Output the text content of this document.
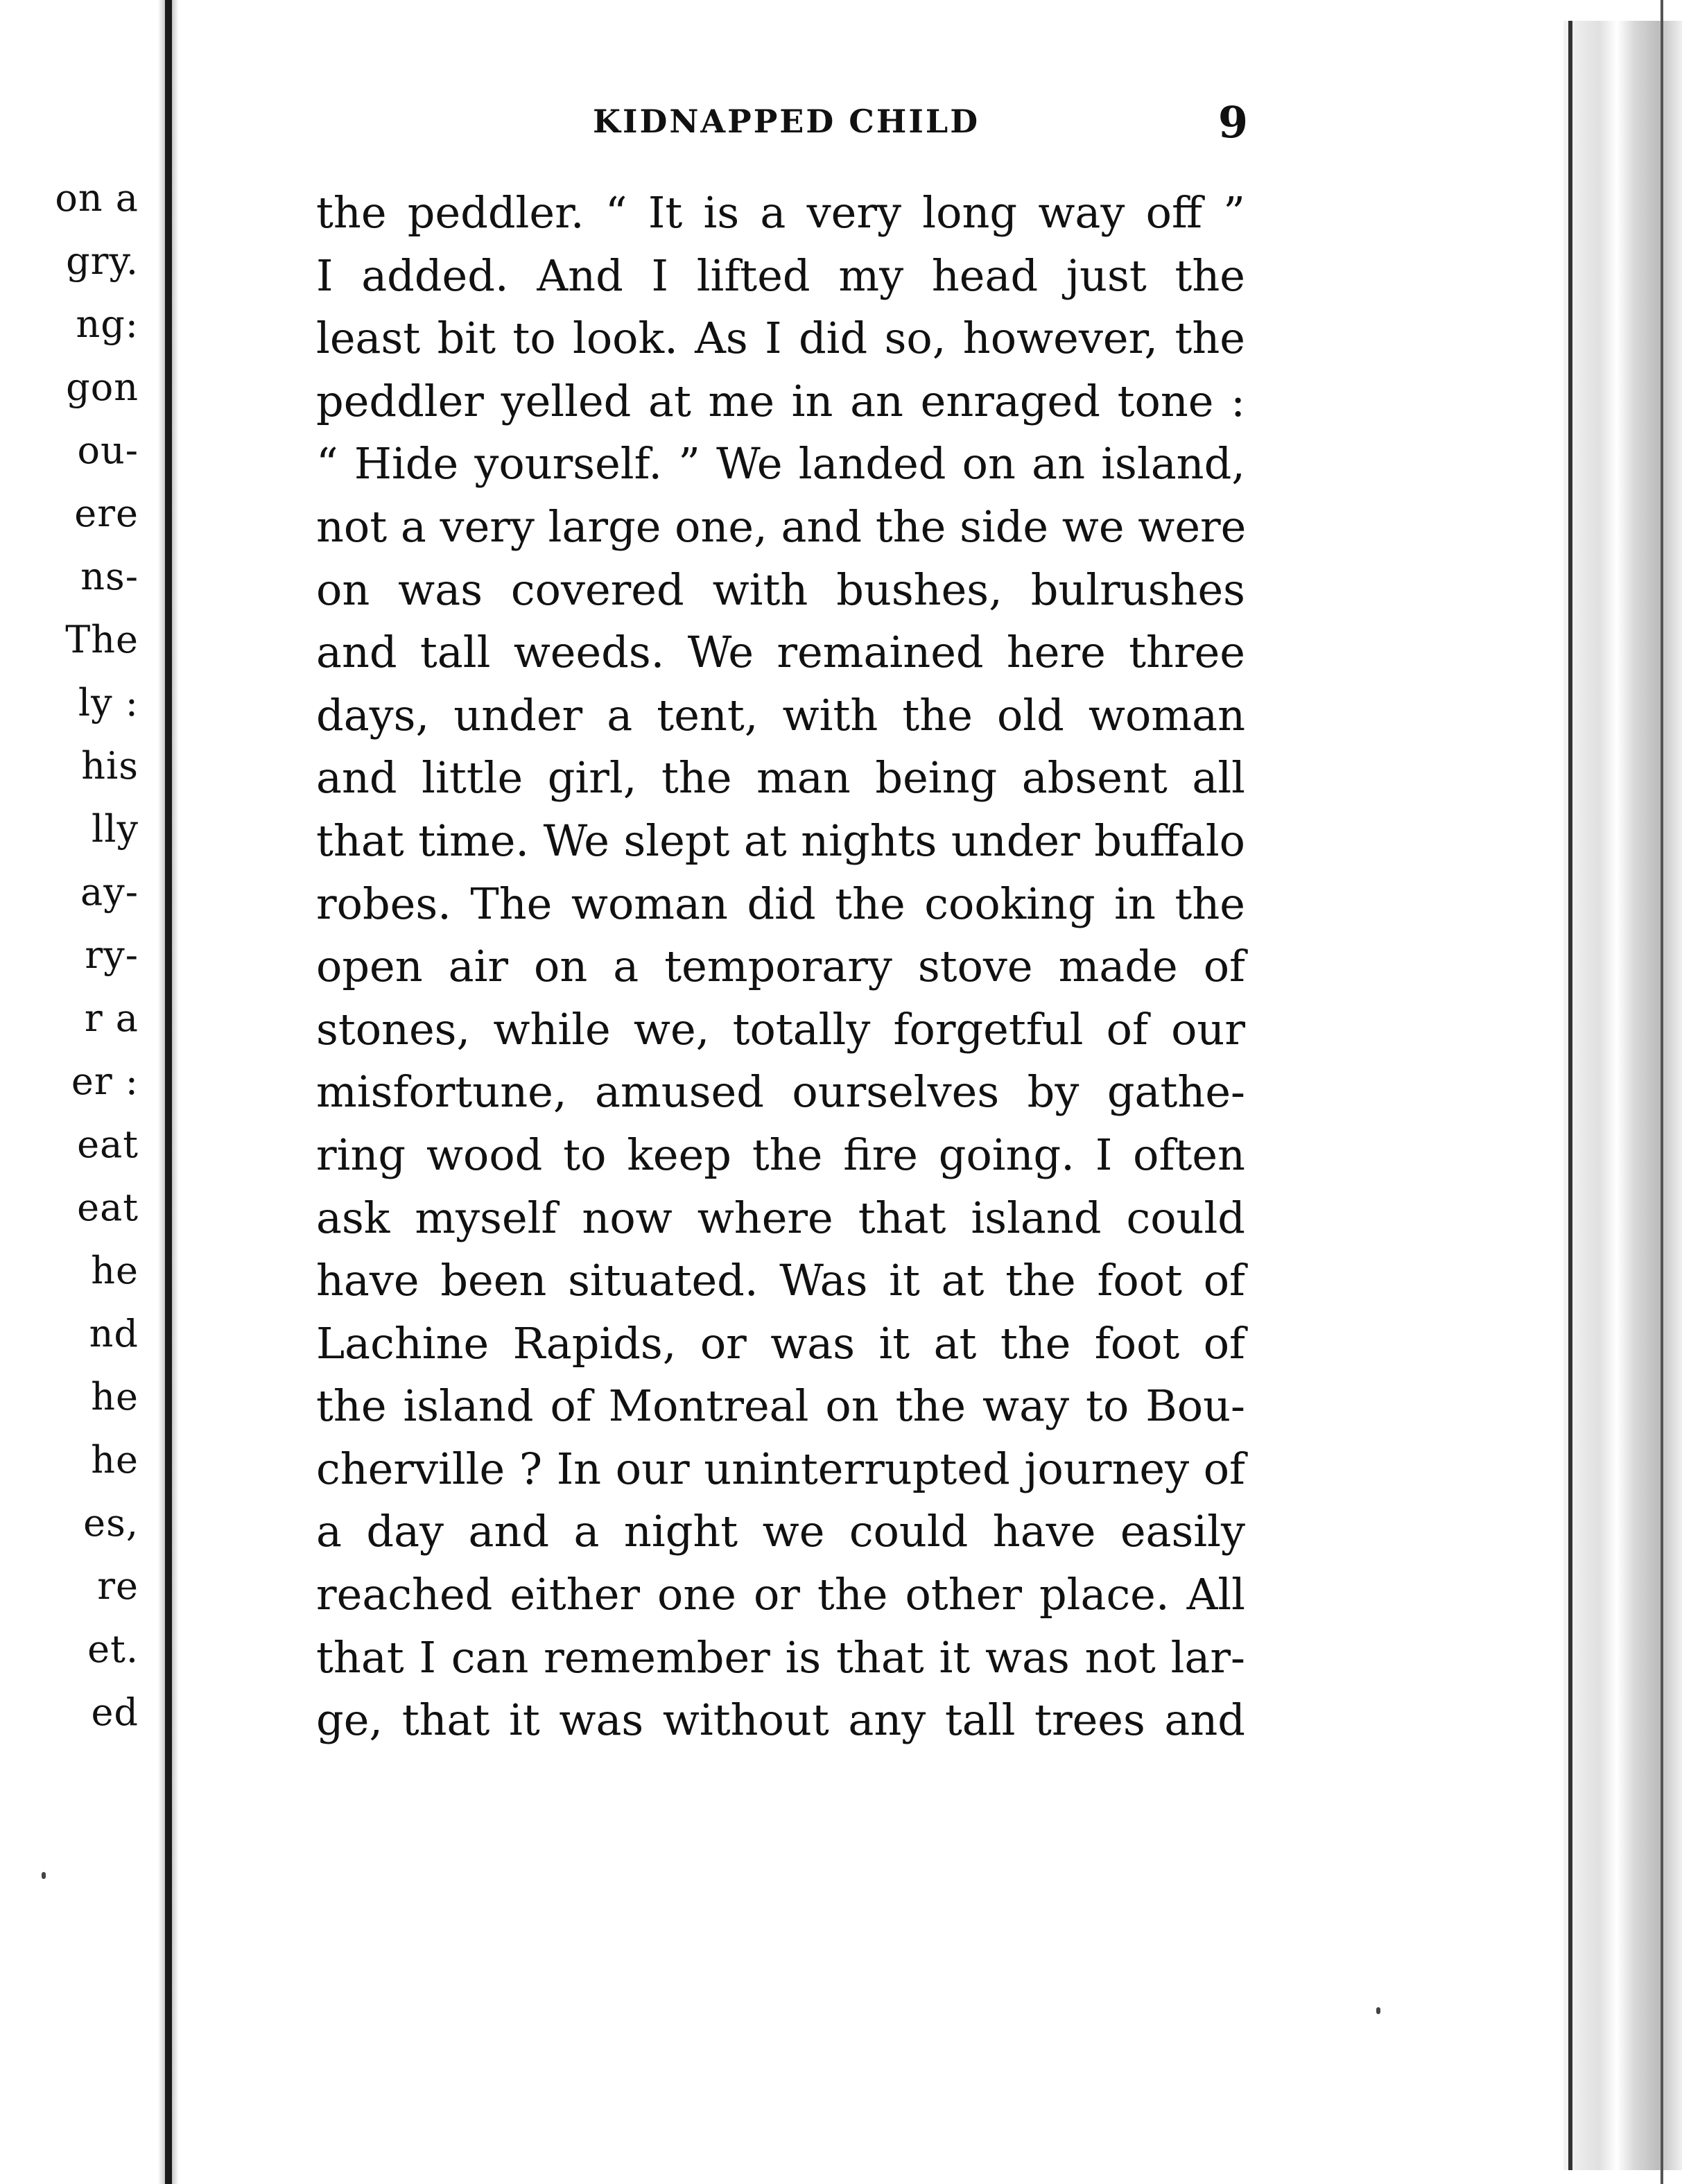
on a
gry.
ng:
gon
ou-
ere
ns-
The
ly :
his
lly
ay-
ry-
r a
er :
eat
eat
he
nd
he
he
es,
re
et.
ed
KIDNAPPED CHILD	9
the peddler. “ It is a very long way off ”
I added. And I lifted my head just the
least bit to look. As I did so, however, the
peddler yelled at me in an enraged tone :
“ Hide yourself. ” We landed on an island,
not a very large one, and the side we were
on was covered with bushes, bulrushes
and tall weeds. We remained here three
days, under a tent, with the old woman
and little girl, the man being absent all
that time. We slept at nights under buffalo
robes. The woman did the cooking in the
open air on a temporary stove made of
stones, while we, totally forgetful of our
misfortune, amused ourselves by gathe-
ring wood to keep the fire going. I often
ask myself now where that island could
have been situated. Was it at the foot of
Lachine Rapids, or was it at the foot of
the island of Montreal on the way to Bou-
cherville ? In our uninterrupted journey of
a day and a night we could have easily
reached either one or the other place. All
that I can remember is that it was not lar-
ge, that it was without any tall trees and
